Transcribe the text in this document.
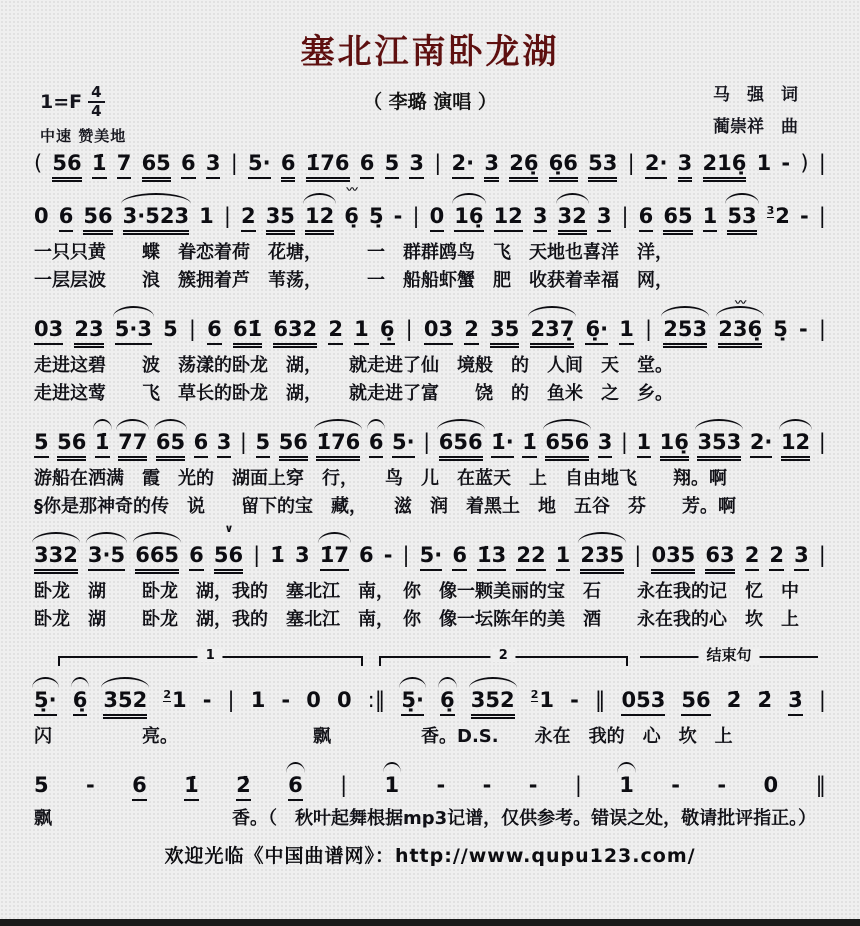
塞北江南卧龙湖
$1=F \frac{4}{4}$
中速 赞美地
（ 李璐 演唱 ）	马　强　词
蔺崇祥　曲
( 56 1̇ 7 65 6 3 | 5· 6 1̇76 6 5 3 | 2· 3 26̣ 6̣6 53 | 2· 3 216̣ 1 - ) |
0 6 56 3·523 1 | 2 35 12 6̣
〰
5̣ - | 0 16̣ 12 3 32 3 | 6 65 1 53 $^3$2 - |
一只只黄　　蝶　眷恋着荷　花塘，　　　一　群群鸥鸟　飞　天地也喜洋　洋，
一层层波　　浪　簇拥着芦　苇荡，　　　一　船船虾蟹　肥　收获着幸福　网，
03 23 5·3 5 | 6 61̇ 632 2 1 6̣ | 03 2 35 237̣ 6̣· 1 | 253 236̣
〰
5̣ - |
走进这碧　　波　荡漾的卧龙　湖，　　就走进了仙　境般　的　人间　天　堂。
走进这莺　　飞　草长的卧龙　湖，　　就走进了富　　饶　的　鱼米　之　乡。
5 56 1̇ 77 65 6 3 | 5 56 1̇76 6 5· | 656 1̇· 1̇ 656 3 | 1 16̣ 353 2· 12 |
游船在洒满　霞　光的　湖面上穿　行，　　鸟　儿　在蓝天　上　自由地飞　　翔。啊
§你是那神奇的传　说　　留下的宝　藏，　　滋　润　着黑土　地　五谷　芬　　芳。啊
332 3·5 665 6 56
∨
| 1̇ 3 1̇7 6 - | 5· 6 1̇3 22 1 235 | 035 63 2 2 3 |
卧龙　湖　　卧龙　湖，我的　塞北江　南，　你　像一颗美丽的宝　石　　永在我的记　忆　中
卧龙　湖　　卧龙　湖，我的　塞北江　南，　你　像一坛陈年的美　酒　　永在我的心　坎　上
1	2	结束句
5̣· 6̣ 352 $^2$1 - | 1 - 0 0 :‖ 5̣· 6̣ 352 $^2$1 - ‖ 053 56 2̇ 2̇ 3̇ |
闪　　　　　亮。　　　　　　　　飘　　　　　香。D.S.　　永在　我的　心　坎　上
5 - 6 1̇ 2̇ 6 | 1 - - - | 1 - - 0 ‖
飘　　　　　　　　　　香。（　秋叶起舞根据mp3记谱，仅供参考。错误之处，敬请批评指正。）
欢迎光临《中国曲谱网》：http://www.qupu123.com/
